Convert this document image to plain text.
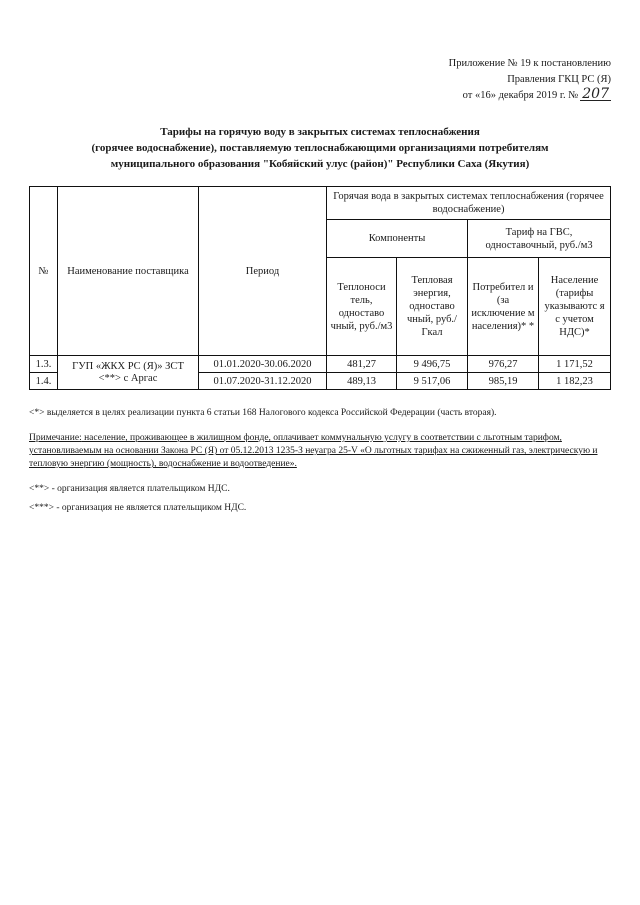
Приложение № 19 к постановлению
Правления ГКЦ РС (Я)
от «16» декабря 2019 г. № 207
Тарифы на горячую воду в закрытых системах теплоснабжения
(горячее водоснабжение), поставляемую теплоснабжающими организациями потребителям
муниципального образования "Кобяйский улус (район)" Республики Саха (Якутия)
№	Наименование поставщика	Период	Горячая вода в закрытых системах теплоснабжения (горячее водоснабжение)			
			Компоненты		Тариф на ГВС, одноставочный, руб./м3	
			Теплоноси тель, одноставо чный, руб./м3	Тепловая энергия, одноставо чный, руб./Гкал	Потребител и (за исключение м населения)* *	Население (тарифы указываютс я с учетом НДС)*
1.3.	ГУП «ЖКХ РС (Я)» ЗСТ <**> с Аргас	01.01.2020-30.06.2020	481,27	9 496,75	976,27	1 171,52
1.4.		01.07.2020-31.12.2020	489,13	9 517,06	985,19	1 182,23

<*> выделяется в целях реализации пункта 6 статьи 168 Налогового кодекса Российской Федерации (часть вторая).

Примечание: население, проживающее в жилищном фонде, оплачивает коммунальную услугу в соответствии с льготным тарифом, установливаемым на основании Закона РС (Я) от 05.12.2013 1235-З неуагра 25-V «О льготных тарифах на сжиженный газ, электрическую и тепловую энергию (мощность), водоснабжение и водоотведение».

<**> - организация является плательщиком НДС.

<***> - организация не является плательщиком НДС.
